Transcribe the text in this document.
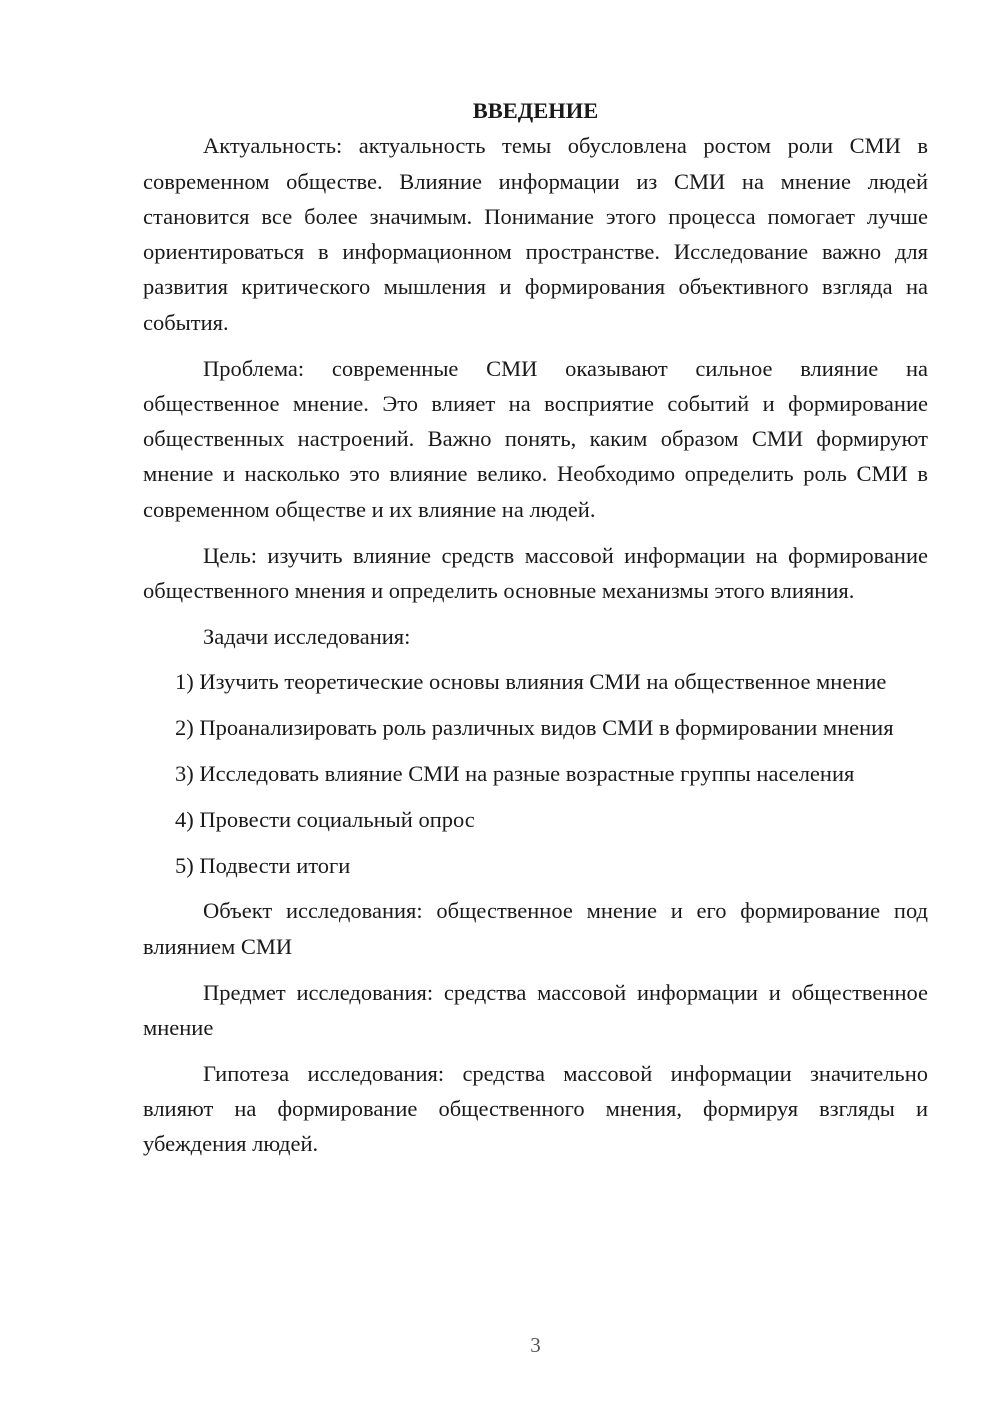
ВВЕДЕНИЕ

Актуальность: актуальность темы обусловлена ростом роли СМИ в современном обществе. Влияние информации из СМИ на мнение людей становится все более значимым. Понимание этого процесса помогает лучше ориентироваться в информационном пространстве. Исследование важно для развития критического мышления и формирования объективного взгляда на события.

Проблема: современные СМИ оказывают сильное влияние на общественное мнение. Это влияет на восприятие событий и формирование общественных настроений. Важно понять, каким образом СМИ формируют мнение и насколько это влияние велико. Необходимо определить роль СМИ в современном обществе и их влияние на людей.

Цель: изучить влияние средств массовой информации на формирование общественного мнения и определить основные механизмы этого влияния.

Задачи исследования:

1) Изучить теоретические основы влияния СМИ на общественное мнение

2) Проанализировать роль различных видов СМИ в формировании мнения

3) Исследовать влияние СМИ на разные возрастные группы населения

4) Провести социальный опрос

5) Подвести итоги

Объект исследования: общественное мнение и его формирование под влиянием СМИ

Предмет исследования: средства массовой информации и общественное мнение

Гипотеза исследования: средства массовой информации значительно влияют на формирование общественного мнения, формируя взгляды и убеждения людей.

3
